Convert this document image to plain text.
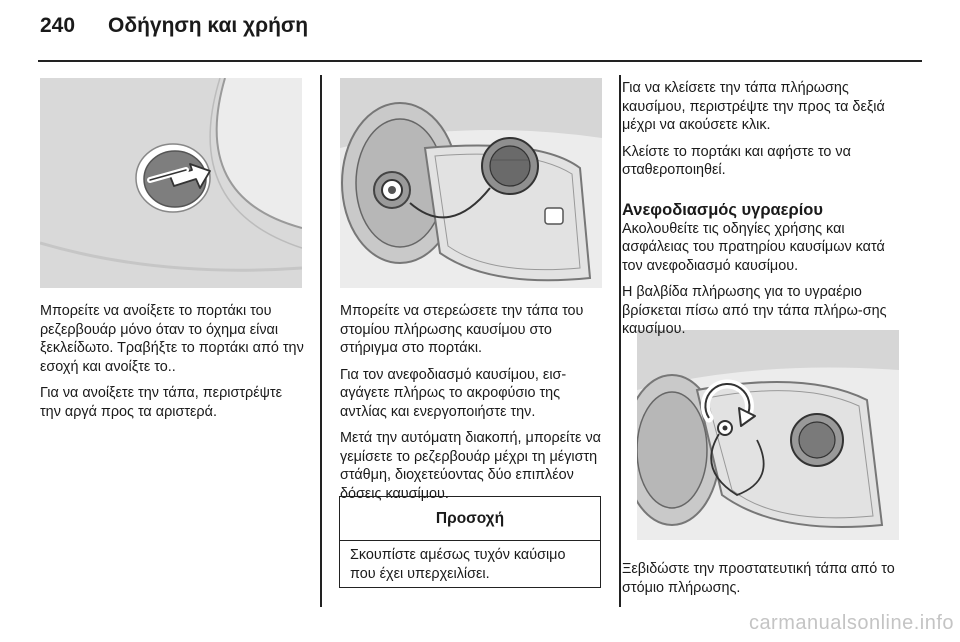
240	Οδήγηση και χρήση

Μπορείτε να ανοίξετε το πορτάκι του ρεζερβουάρ μόνο όταν το όχημα είναι ξεκλείδωτο. Τραβήξτε το πορτάκι από την εσοχή και ανοίξτε το..

Για να ανοίξετε την τάπα, περιστρέψτε την αργά προς τα αριστερά.

Μπορείτε να στερεώσετε την τάπα του στομίου πλήρωσης καυσίμου στο στήριγμα στο πορτάκι.

Για τον ανεφοδιασμό καυσίμου, εισ-αγάγετε πλήρως το ακροφύσιο της αντλίας και ενεργοποιήστε την.

Μετά την αυτόματη διακοπή, μπορείτε να γεμίσετε το ρεζερβουάρ μέχρι τη μέγιστη στάθμη, διοχετεύοντας δύο επιπλέον δόσεις καυσίμου.

Προσοχή
Σκουπίστε αμέσως τυχόν καύσιμο που έχει υπερχειλίσει.

Για να κλείσετε την τάπα πλήρωσης καυσίμου, περιστρέψτε την προς τα δεξιά μέχρι να ακούσετε κλικ.

Κλείστε το πορτάκι και αφήστε το να σταθεροποιηθεί.

Ανεφοδιασμός υγραερίου

Ακολουθείτε τις οδηγίες χρήσης και ασφάλειας του πρατηρίου καυσίμων κατά τον ανεφοδιασμό καυσίμου.

Η βαλβίδα πλήρωσης για το υγραέριο βρίσκεται πίσω από την τάπα πλήρω-σης καυσίμου.

Ξεβιδώστε την προστατευτική τάπα από το στόμιο πλήρωσης.

carmanualsonline.info
